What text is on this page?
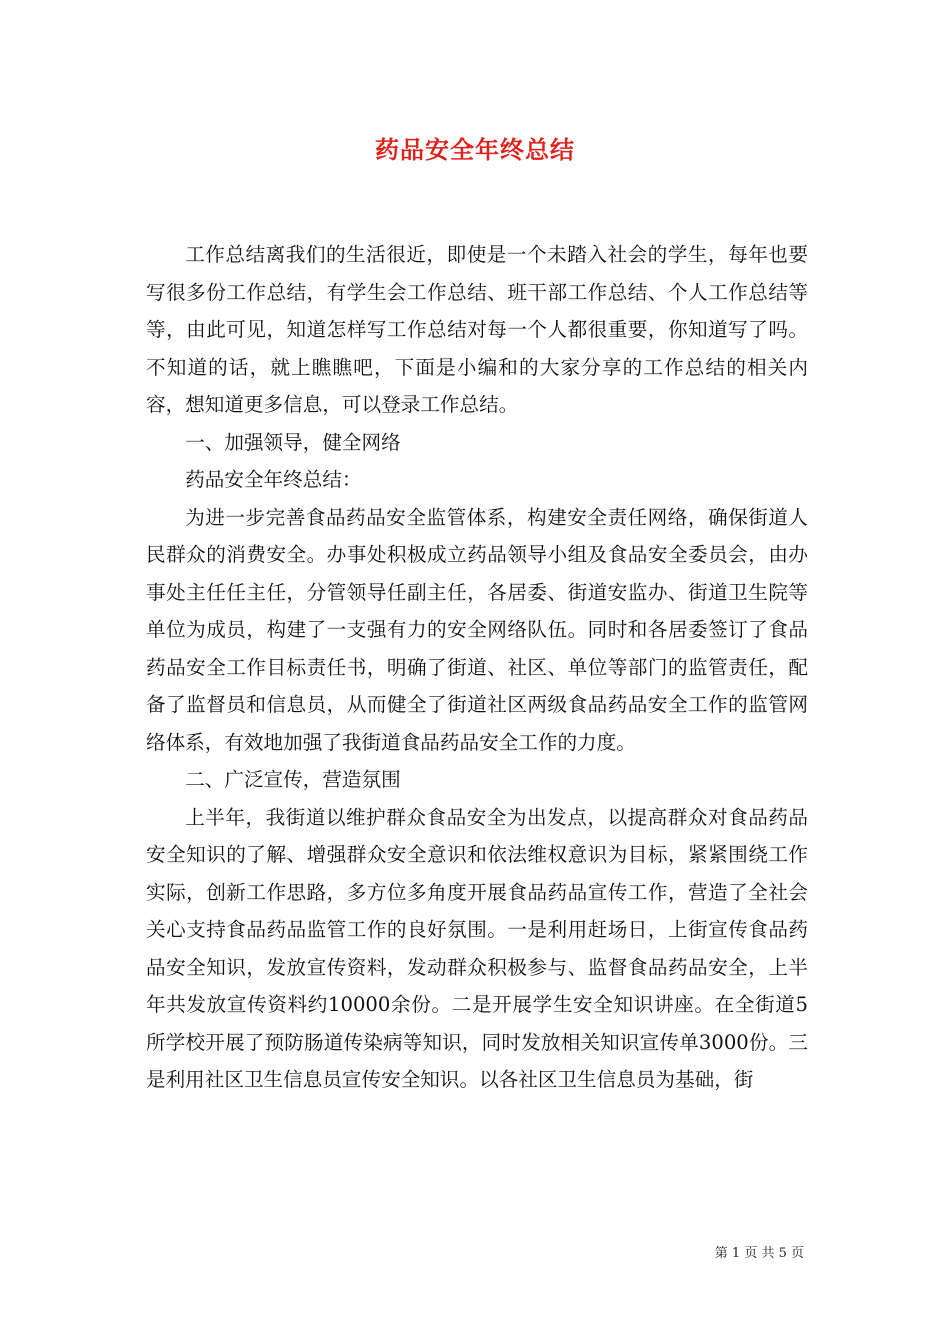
药品安全年终总结

工作总结离我们的生活很近，即使是一个未踏入社会的学生，每年也要写很多份工作总结，有学生会工作总结、班干部工作总结、个人工作总结等等，由此可见，知道怎样写工作总结对每一个人都很重要，你知道写了吗。不知道的话，就上瞧瞧吧，下面是小编和的大家分享的工作总结的相关内容，想知道更多信息，可以登录工作总结。

一、加强领导，健全网络

药品安全年终总结：

为进一步完善食品药品安全监管体系，构建安全责任网络，确保街道人民群众的消费安全。办事处积极成立药品领导小组及食品安全委员会，由办事处主任任主任，分管领导任副主任，各居委、街道安监办、街道卫生院等单位为成员，构建了一支强有力的安全网络队伍。同时和各居委签订了食品药品安全工作目标责任书，明确了街道、社区、单位等部门的监管责任，配备了监督员和信息员，从而健全了街道社区两级食品药品安全工作的监管网络体系，有效地加强了我街道食品药品安全工作的力度。

二、广泛宣传，营造氛围

上半年，我街道以维护群众食品安全为出发点，以提高群众对食品药品安全知识的了解、增强群众安全意识和依法维权意识为目标，紧紧围绕工作实际，创新工作思路，多方位多角度开展食品药品宣传工作，营造了全社会关心支持食品药品监管工作的良好氛围。一是利用赶场日，上街宣传食品药品安全知识，发放宣传资料，发动群众积极参与、监督食品药品安全，上半年共发放宣传资料约10000余份。二是开展学生安全知识讲座。在全街道5所学校开展了预防肠道传染病等知识，同时发放相关知识宣传单3000份。三是利用社区卫生信息员宣传安全知识。以各社区卫生信息员为基础，街

第 1 页 共 5 页
